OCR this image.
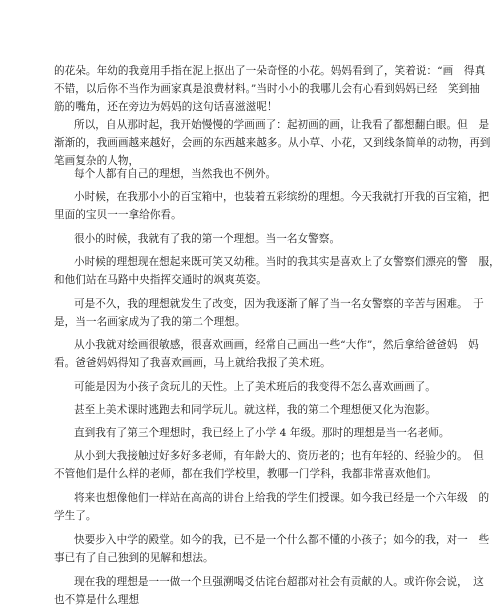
的花朵。年幼的我竟用手指在泥上抠出了一朵奇怪的小花。妈妈看到了，笑着说：“画　得真
不错，以后你不当作为画家真是浪费材料。”当时小小的我哪儿会有心看到妈妈已经　笑到抽
筋的嘴角，还在旁边为妈妈的这句话喜滋滋呢！

所以，自从那时起，我开始慢慢的学画画了：起初画的画，让我看了都想翻白眼。但　是
渐渐的，我画画越来越好，会画的东西越来越多。从小草、小花，又到线条简单的动物，再到
笔画复杂的人物，

每个人都有自己的理想，当然我也不例外。

小时候，在我那小小的百宝箱中，也装着五彩缤纷的理想。今天我就打开我的百宝箱，把
里面的宝贝一一拿给你看。

很小的时候，我就有了我的第一个理想。当一名女警察。

小时候的理想现在想起来既可笑又幼稚。当时的我其实是喜欢上了女警察们漂亮的警　服，
和他们站在马路中央指挥交通时的飒爽英姿。

可是不久，我的理想就发生了改变，因为我逐渐了解了当一名女警察的辛苦与困难。　于
是，当一名画家成为了我的第二个理想。

从小我就对绘画很敏感，很喜欢画画，经常自己画出一些“大作”，然后拿给爸爸妈　妈
看。爸爸妈妈得知了我喜欢画画，马上就给我报了美术班。

可能是因为小孩子贪玩儿的天性。上了美术班后的我变得不怎么喜欢画画了。

甚至上美术课时逃跑去和同学玩儿。就这样，我的第二个理想便又化为泡影。

直到我有了第三个理想时，我已经上了小学 4 年级。那时的理想是当一名老师。

从小到大我接触过好多好多老师，有年龄大的、资历老的；也有年轻的、经验少的。　但
不管他们是什么样的老师，都在我们学校里，教哪一门学科，我都非常喜欢他们。

将来也想像他们一样站在高高的讲台上给我的学生们授课。如今我已经是一个六年级　的
学生了。

快要步入中学的殿堂。如今的我，已不是一个什么都不懂的小孩子；如今的我，对一　些
事已有了自己独到的见解和想法。

现在我的理想是一一做一个旦强溯喝爻估诧台超郡对社会有贡献的人。或许你会说，　这
也不算是什么理想
